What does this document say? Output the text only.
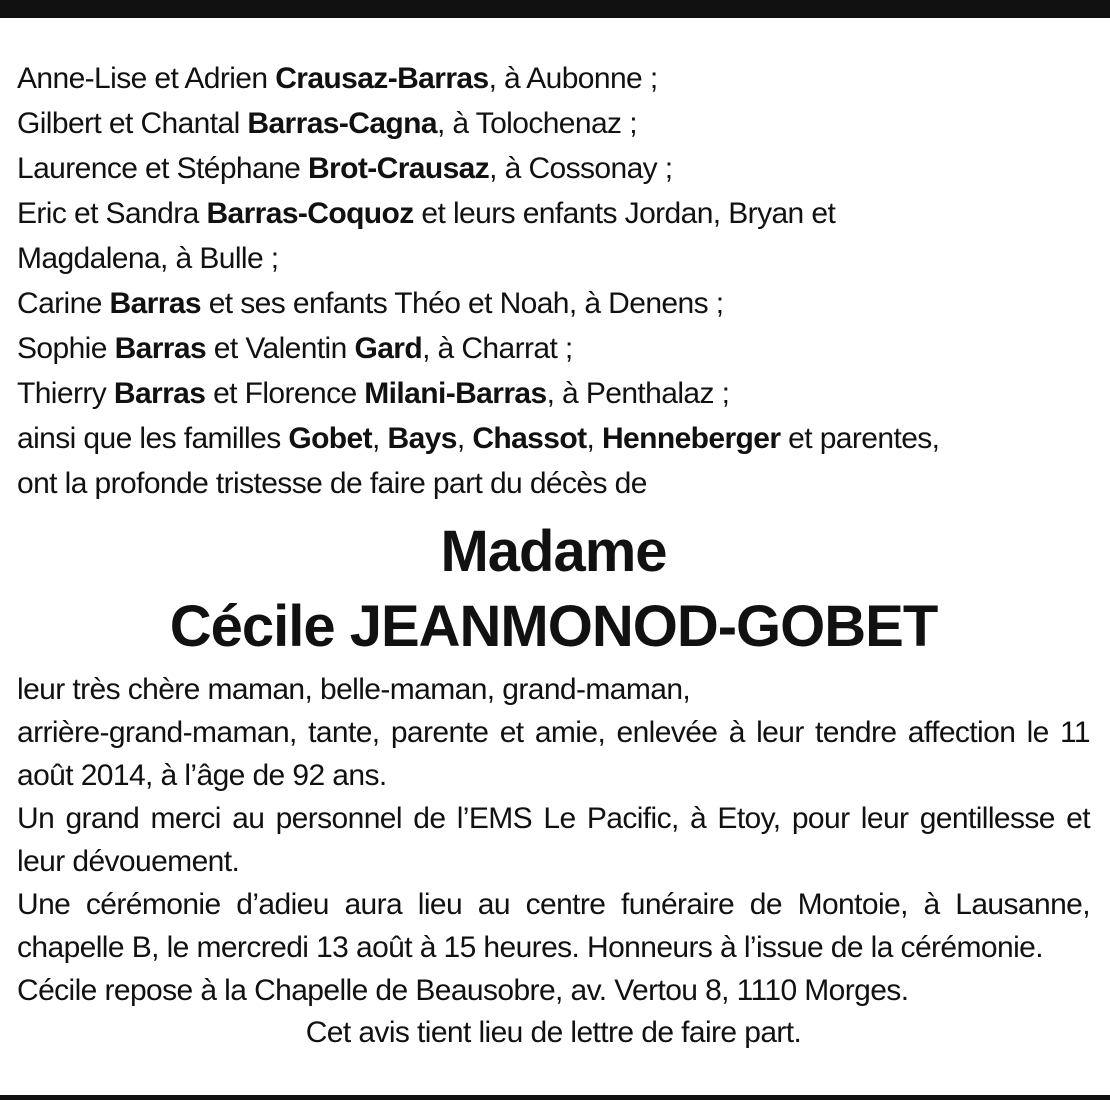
Anne-Lise et Adrien Crausaz-Barras, à Aubonne ;
Gilbert et Chantal Barras-Cagna, à Tolochenaz ;
Laurence et Stéphane Brot-Crausaz, à Cossonay ;
Eric et Sandra Barras-Coquoz et leurs enfants Jordan, Bryan et Magdalena, à Bulle ;
Carine Barras et ses enfants Théo et Noah, à Denens ;
Sophie Barras et Valentin Gard, à Charrat ;
Thierry Barras et Florence Milani-Barras, à Penthalaz ;
ainsi que les familles Gobet, Bays, Chassot, Henneberger et parentes,
ont la profonde tristesse de faire part du décès de
Madame
Cécile JEANMONOD-GOBET
leur très chère maman, belle-maman, grand-maman,
arrière-grand-maman, tante, parente et amie, enlevée à leur tendre affection le 11 août 2014, à l’âge de 92 ans.
Un grand merci au personnel de l’EMS Le Pacific, à Etoy, pour leur gentillesse et leur dévouement.
Une cérémonie d’adieu aura lieu au centre funéraire de Montoie, à Lausanne, chapelle B, le mercredi 13 août à 15 heures. Honneurs à l’issue de la cérémonie.
Cécile repose à la Chapelle de Beausobre, av. Vertou 8, 1110 Morges.
Cet avis tient lieu de lettre de faire part.
